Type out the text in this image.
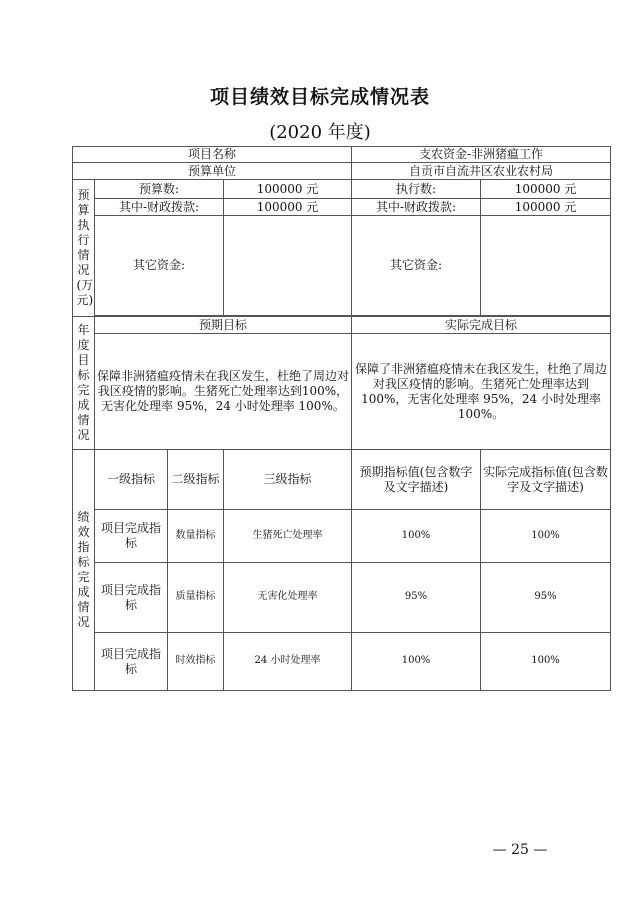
项目绩效目标完成情况表
(2020 年度)
项目名称				支农资金-非洲猪瘟工作	
预算单位				自贡市自流井区农业农村局	
预算执行情况(万元)	预算数:		100000 元	执行数:	100000 元
	其中-财政拨款:		100000 元	其中-财政拨款:	100000 元
	其它资金:			其它资金:	

年度目标完成情况	预期目标			实际完成目标	
	保障非洲猪瘟疫情未在我区发生，杜绝了周边对我区疫情的影响。生猪死亡处理率达到100%，无害化处理率 95%，24 小时处理率 100%。			保障了非洲猪瘟疫情未在我区发生，杜绝了周边对我区疫情的影响。生猪死亡处理率达到100%，无害化处理率 95%，24 小时处理率 100%。	
绩效指标完成情况	一级指标	二级指标	三级指标	预期指标值(包含数字及文字描述)	实际完成指标值(包含数字及文字描述)
	项目完成指标	数量指标	生猪死亡处理率	100%	100%
	项目完成指标	质量指标	无害化处理率	95%	95%
	项目完成指标	时效指标	24 小时处理率	100%	100%
— 25 —
